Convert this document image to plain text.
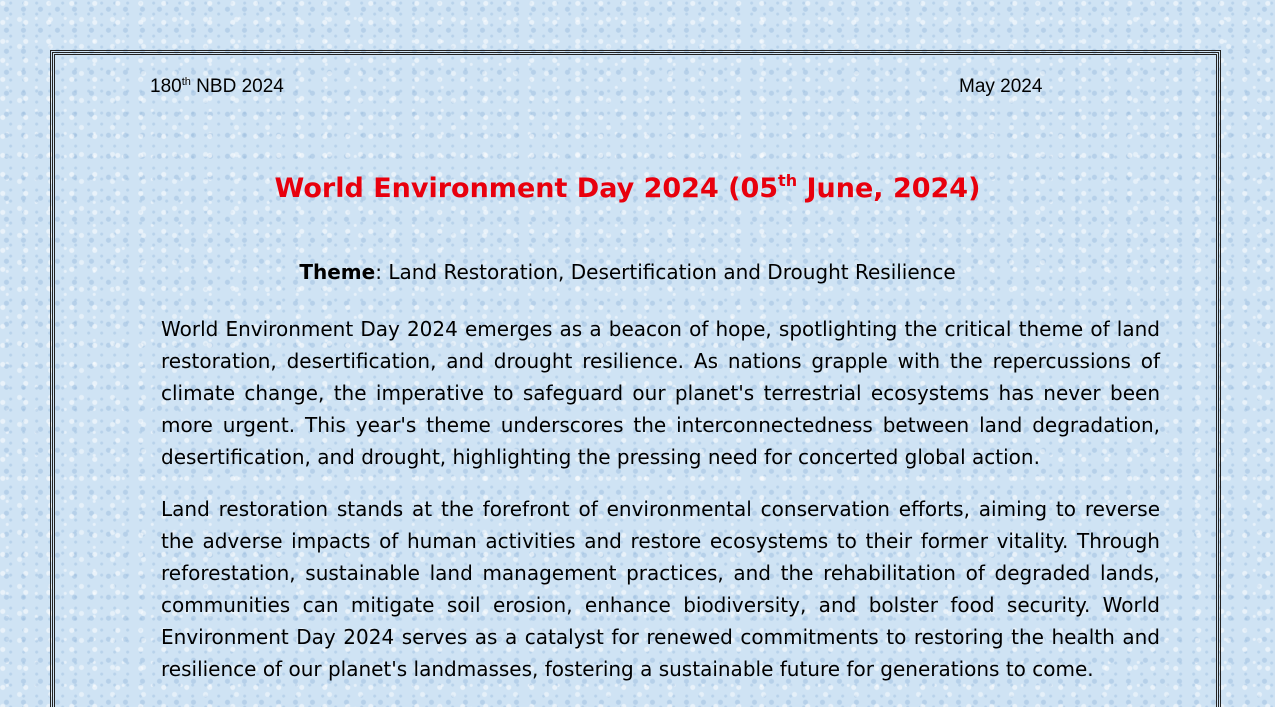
180th NBD 2024	May 2024
World Environment Day 2024 (05th June, 2024)
Theme: Land Restoration, Desertification and Drought Resilience

World Environment Day 2024 emerges as a beacon of hope, spotlighting the critical theme of land restoration, desertification, and drought resilience. As nations grapple with the repercussions of climate change, the imperative to safeguard our planet's terrestrial ecosystems has never been more urgent. This year's theme underscores the interconnectedness between land degradation, desertification, and drought, highlighting the pressing need for concerted global action.

Land restoration stands at the forefront of environmental conservation efforts, aiming to reverse the adverse impacts of human activities and restore ecosystems to their former vitality. Through reforestation, sustainable land management practices, and the rehabilitation of degraded lands, communities can mitigate soil erosion, enhance biodiversity, and bolster food security. World Environment Day 2024 serves as a catalyst for renewed commitments to restoring the health and resilience of our planet's landmasses, fostering a sustainable future for generations to come.
